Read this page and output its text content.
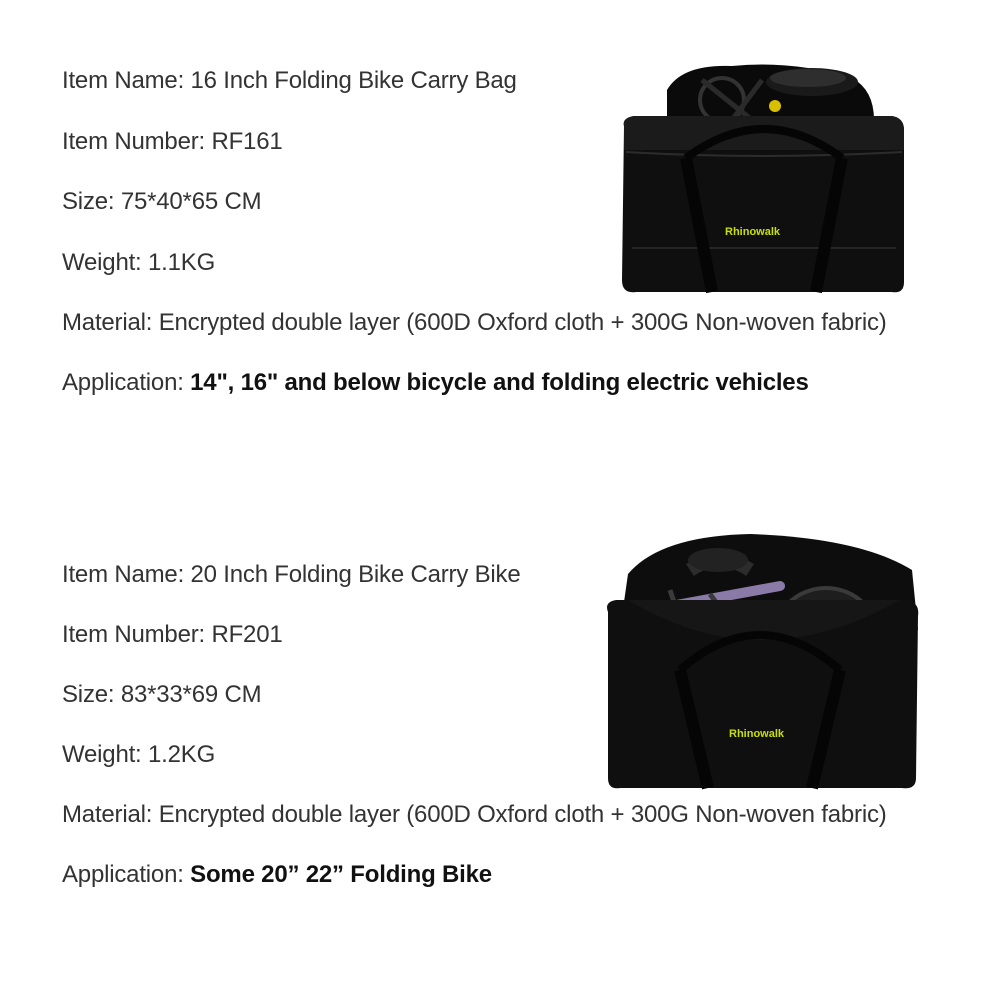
Item Name: 16 Inch Folding Bike Carry Bag
Item Number: RF161
Size: 75*40*65 CM
Weight: 1.1KG
Material: Encrypted double layer (600D Oxford cloth + 300G Non-woven fabric)
Application: 14", 16" and below bicycle and folding electric vehicles
Rhinowalk
Item Name: 20 Inch Folding Bike Carry Bike
Item Number: RF201
Size: 83*33*69 CM
Weight: 1.2KG
Material: Encrypted double layer (600D Oxford cloth + 300G Non-woven fabric)
Application: Some 20” 22” Folding Bike
Rhinowalk
